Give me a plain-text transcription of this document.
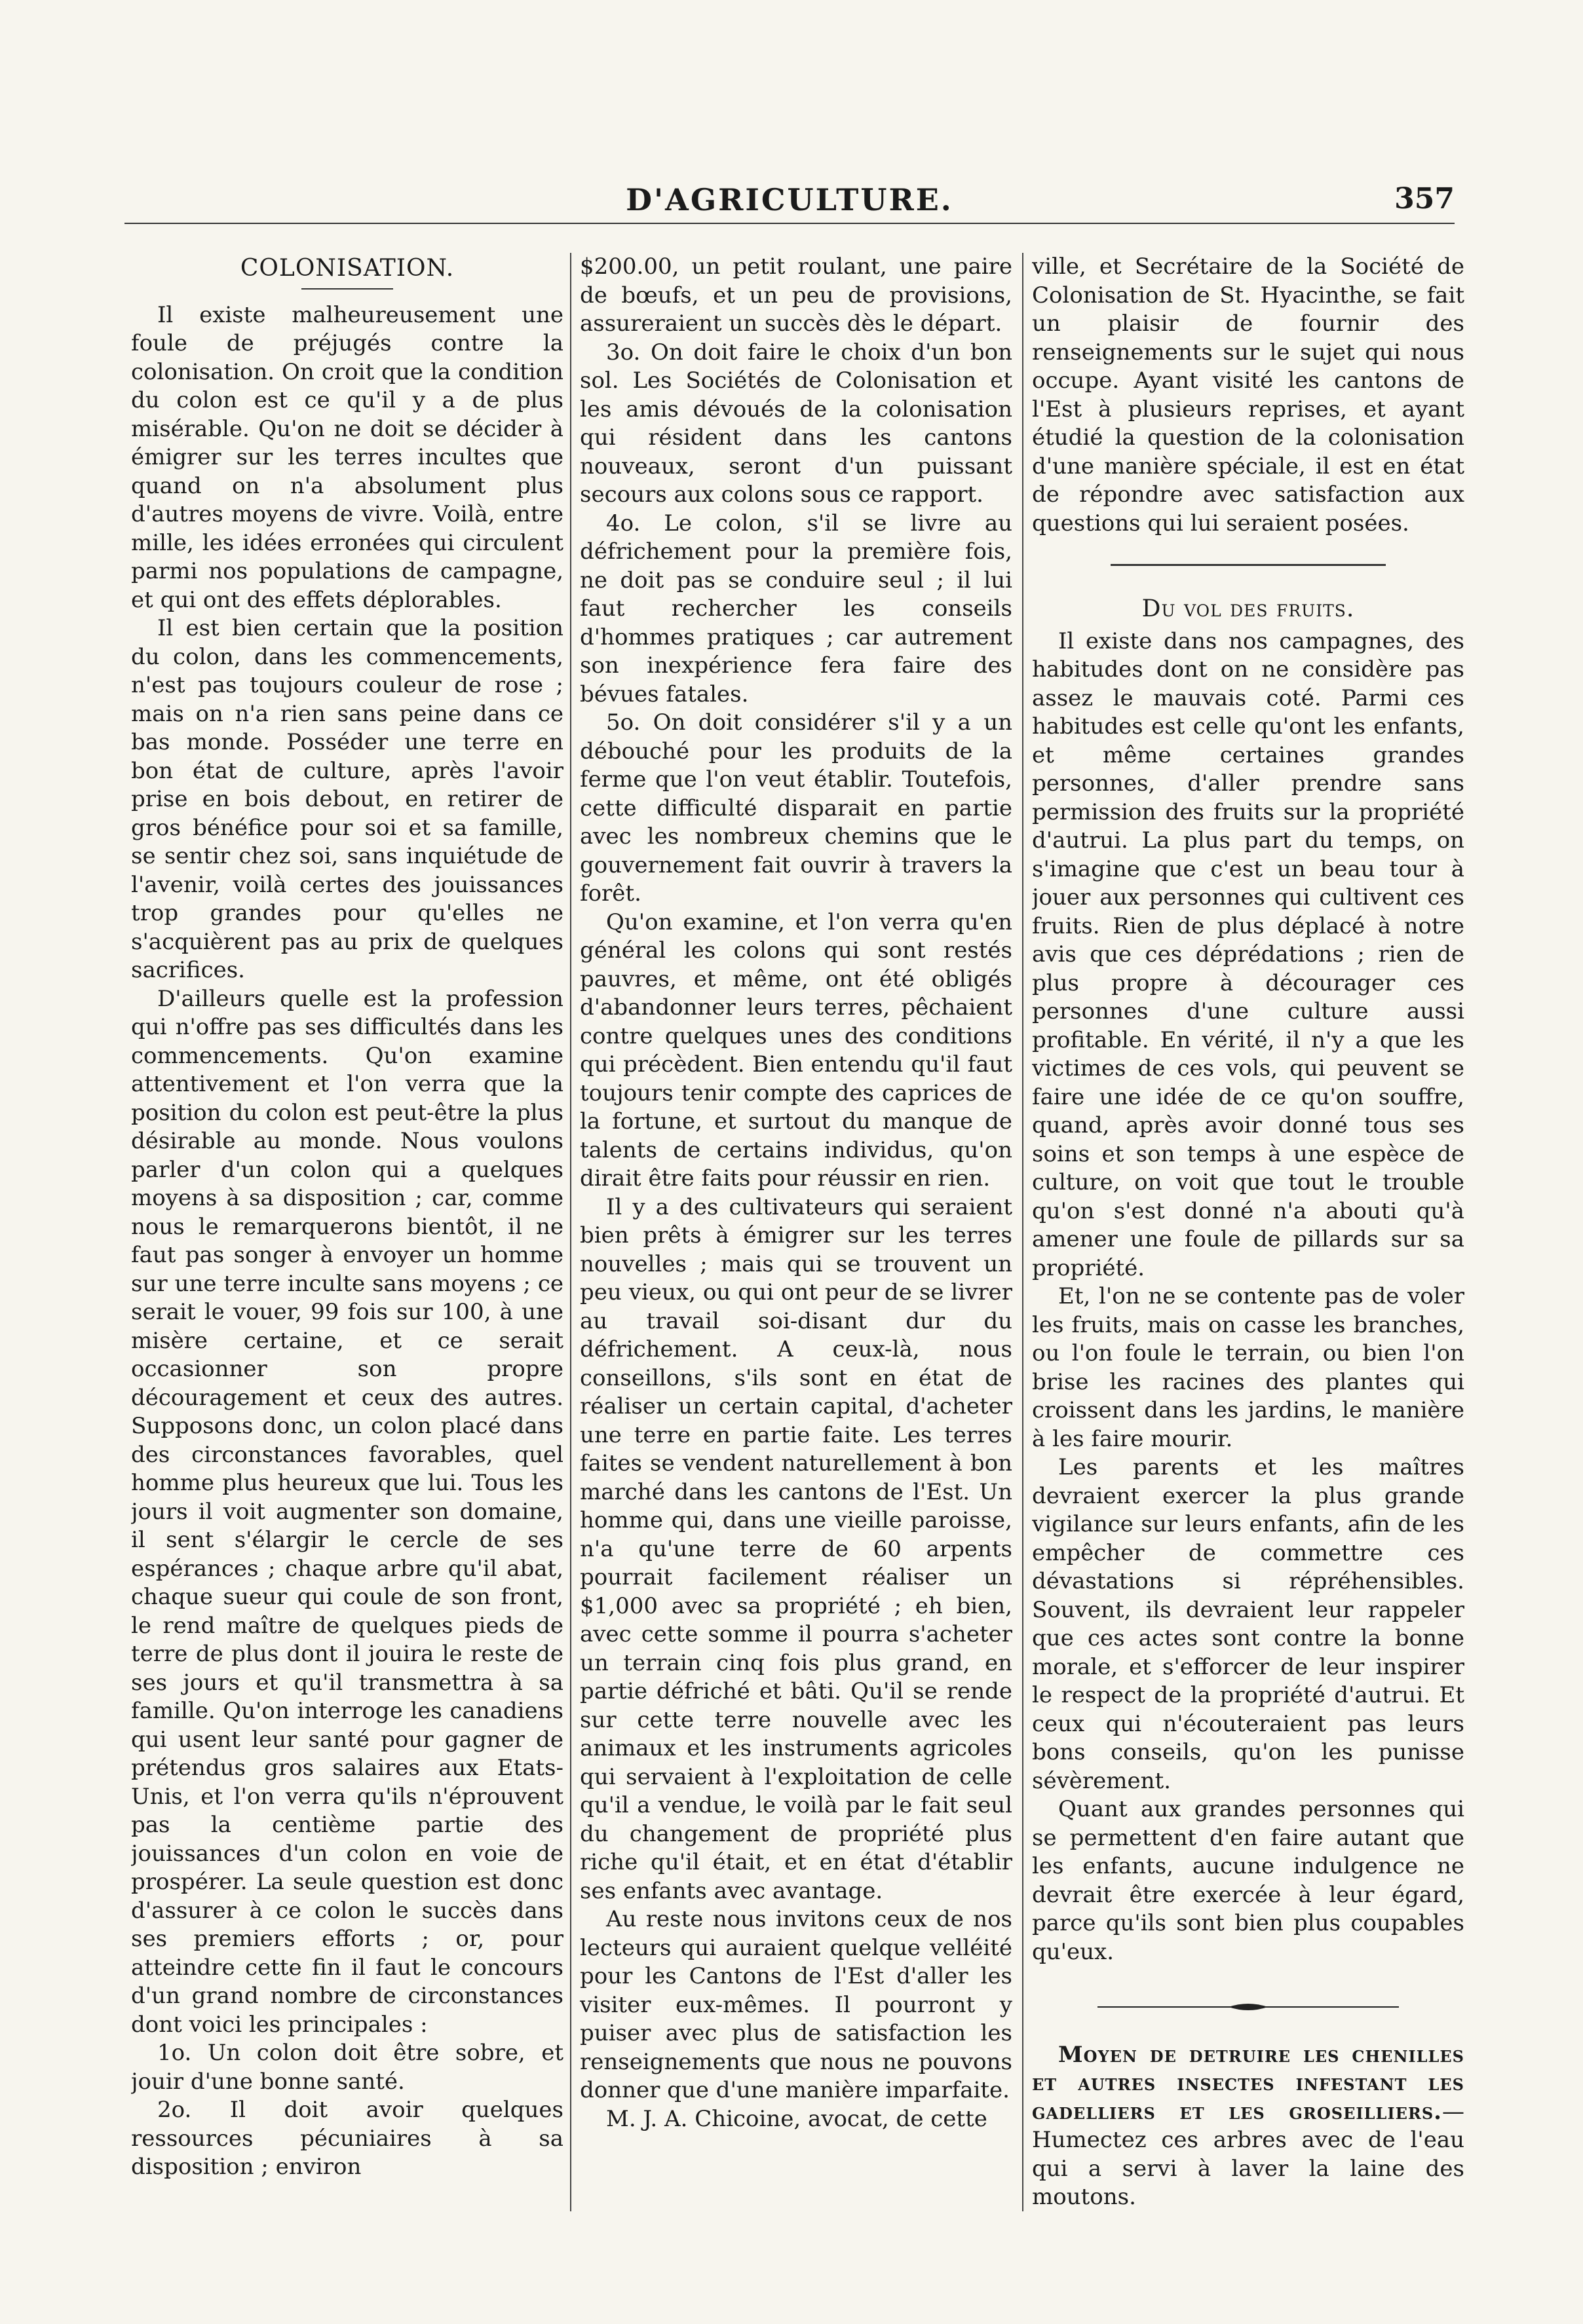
D'AGRICULTURE.	357

COLONISATION.

Il existe malheureusement une foule de préjugés contre la colonisation. On croit que la condition du colon est ce qu'il y a de plus misérable. Qu'on ne doit se décider à émigrer sur les terres incultes que quand on n'a absolument plus d'autres moyens de vivre. Voilà, entre mille, les idées erronées qui circulent parmi nos populations de campagne, et qui ont des effets déplorables.

Il est bien certain que la position du colon, dans les commencements, n'est pas toujours couleur de rose ; mais on n'a rien sans peine dans ce bas monde. Posséder une terre en bon état de culture, après l'avoir prise en bois debout, en retirer de gros bénéfice pour soi et sa famille, se sentir chez soi, sans inquiétude de l'avenir, voilà certes des jouissances trop grandes pour qu'elles ne s'acquièrent pas au prix de quelques sacrifices.

D'ailleurs quelle est la profession qui n'offre pas ses difficultés dans les commencements. Qu'on examine attentivement et l'on verra que la position du colon est peut-être la plus désirable au monde. Nous voulons parler d'un colon qui a quelques moyens à sa disposition ; car, comme nous le remarquerons bientôt, il ne faut pas songer à envoyer un homme sur une terre inculte sans moyens ; ce serait le vouer, 99 fois sur 100, à une misère certaine, et ce serait occasionner son propre découragement et ceux des autres. Supposons donc, un colon placé dans des circonstances favorables, quel homme plus heureux que lui. Tous les jours il voit augmenter son domaine, il sent s'élargir le cercle de ses espérances ; chaque arbre qu'il abat, chaque sueur qui coule de son front, le rend maître de quelques pieds de terre de plus dont il jouira le reste de ses jours et qu'il transmettra à sa famille. Qu'on interroge les canadiens qui usent leur santé pour gagner de prétendus gros salaires aux Etats-Unis, et l'on verra qu'ils n'éprouvent pas la centième partie des jouissances d'un colon en voie de prospérer. La seule question est donc d'assurer à ce colon le succès dans ses premiers efforts ; or, pour atteindre cette fin il faut le concours d'un grand nombre de circonstances dont voici les principales :

1o. Un colon doit être sobre, et jouir d'une bonne santé.

2o. Il doit avoir quelques ressources pécuniaires à sa disposition ; environ

$200.00, un petit roulant, une paire de bœufs, et un peu de provisions, assureraient un succès dès le départ.

3o. On doit faire le choix d'un bon sol. Les Sociétés de Colonisation et les amis dévoués de la colonisation qui résident dans les cantons nouveaux, seront d'un puissant secours aux colons sous ce rapport.

4o. Le colon, s'il se livre au défrichement pour la première fois, ne doit pas se conduire seul ; il lui faut rechercher les conseils d'hommes pratiques ; car autrement son inexpérience fera faire des bévues fatales.

5o. On doit considérer s'il y a un débouché pour les produits de la ferme que l'on veut établir. Toutefois, cette difficulté disparait en partie avec les nombreux chemins que le gouvernement fait ouvrir à travers la forêt.

Qu'on examine, et l'on verra qu'en général les colons qui sont restés pauvres, et même, ont été obligés d'abandonner leurs terres, pêchaient contre quelques unes des conditions qui précèdent. Bien entendu qu'il faut toujours tenir compte des caprices de la fortune, et surtout du manque de talents de certains individus, qu'on dirait être faits pour réussir en rien.

Il y a des cultivateurs qui seraient bien prêts à émigrer sur les terres nouvelles ; mais qui se trouvent un peu vieux, ou qui ont peur de se livrer au travail soi-disant dur du défrichement. A ceux-là, nous conseillons, s'ils sont en état de réaliser un certain capital, d'acheter une terre en partie faite. Les terres faites se vendent naturellement à bon marché dans les cantons de l'Est. Un homme qui, dans une vieille paroisse, n'a qu'une terre de 60 arpents pourrait facilement réaliser un $1,000 avec sa propriété ; eh bien, avec cette somme il pourra s'acheter un terrain cinq fois plus grand, en partie défriché et bâti. Qu'il se rende sur cette terre nouvelle avec les animaux et les instruments agricoles qui servaient à l'exploitation de celle qu'il a vendue, le voilà par le fait seul du changement de propriété plus riche qu'il était, et en état d'établir ses enfants avec avantage.

Au reste nous invitons ceux de nos lecteurs qui auraient quelque velléité pour les Cantons de l'Est d'aller les visiter eux-mêmes. Il pourront y puiser avec plus de satisfaction les renseignements que nous ne pouvons donner que d'une manière imparfaite.

M. J. A. Chicoine, avocat, de cette

ville, et Secrétaire de la Société de Colonisation de St. Hyacinthe, se fait un plaisir de fournir des renseignements sur le sujet qui nous occupe. Ayant visité les cantons de l'Est à plusieurs reprises, et ayant étudié la question de la colonisation d'une manière spéciale, il est en état de répondre avec satisfaction aux questions qui lui seraient posées.

Du vol des fruits.

Il existe dans nos campagnes, des habitudes dont on ne considère pas assez le mauvais coté. Parmi ces habitudes est celle qu'ont les enfants, et même certaines grandes personnes, d'aller prendre sans permission des fruits sur la propriété d'autrui. La plus part du temps, on s'imagine que c'est un beau tour à jouer aux personnes qui cultivent ces fruits. Rien de plus déplacé à notre avis que ces déprédations ; rien de plus propre à décourager ces personnes d'une culture aussi profitable. En vérité, il n'y a que les victimes de ces vols, qui peuvent se faire une idée de ce qu'on souffre, quand, après avoir donné tous ses soins et son temps à une espèce de culture, on voit que tout le trouble qu'on s'est donné n'a abouti qu'à amener une foule de pillards sur sa propriété.

Et, l'on ne se contente pas de voler les fruits, mais on casse les branches, ou l'on foule le terrain, ou bien l'on brise les racines des plantes qui croissent dans les jardins, le manière à les faire mourir.

Les parents et les maîtres devraient exercer la plus grande vigilance sur leurs enfants, afin de les empêcher de commettre ces dévastations si répréhensibles. Souvent, ils devraient leur rappeler que ces actes sont contre la bonne morale, et s'efforcer de leur inspirer le respect de la propriété d'autrui. Et ceux qui n'écouteraient pas leurs bons conseils, qu'on les punisse sévèrement.

Quant aux grandes personnes qui se permettent d'en faire autant que les enfants, aucune indulgence ne devrait être exercée à leur égard, parce qu'ils sont bien plus coupables qu'eux.

Moyen de detruire les chenilles et autres insectes infestant les gadelliers et les groseilliers.—Humectez ces arbres avec de l'eau qui a servi à laver la laine des moutons.
